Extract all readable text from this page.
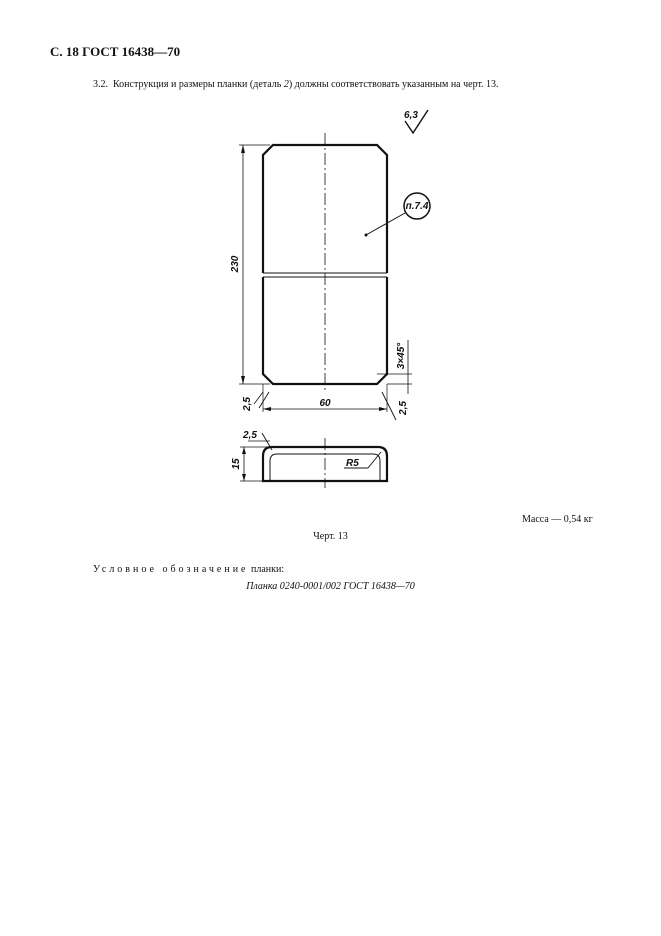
С. 18 ГОСТ 16438—70
3.2. Конструкция и размеры планки (деталь 2) должны соответствовать указанным на черт. 13.
6,3
п.7.4
230
60
3×45°
2,5	2,5
2,5
15	R5
Масса — 0,54 кг
Черт. 13
Условное обозначение планки:
Планка 0240-0001/002 ГОСТ 16438—70
